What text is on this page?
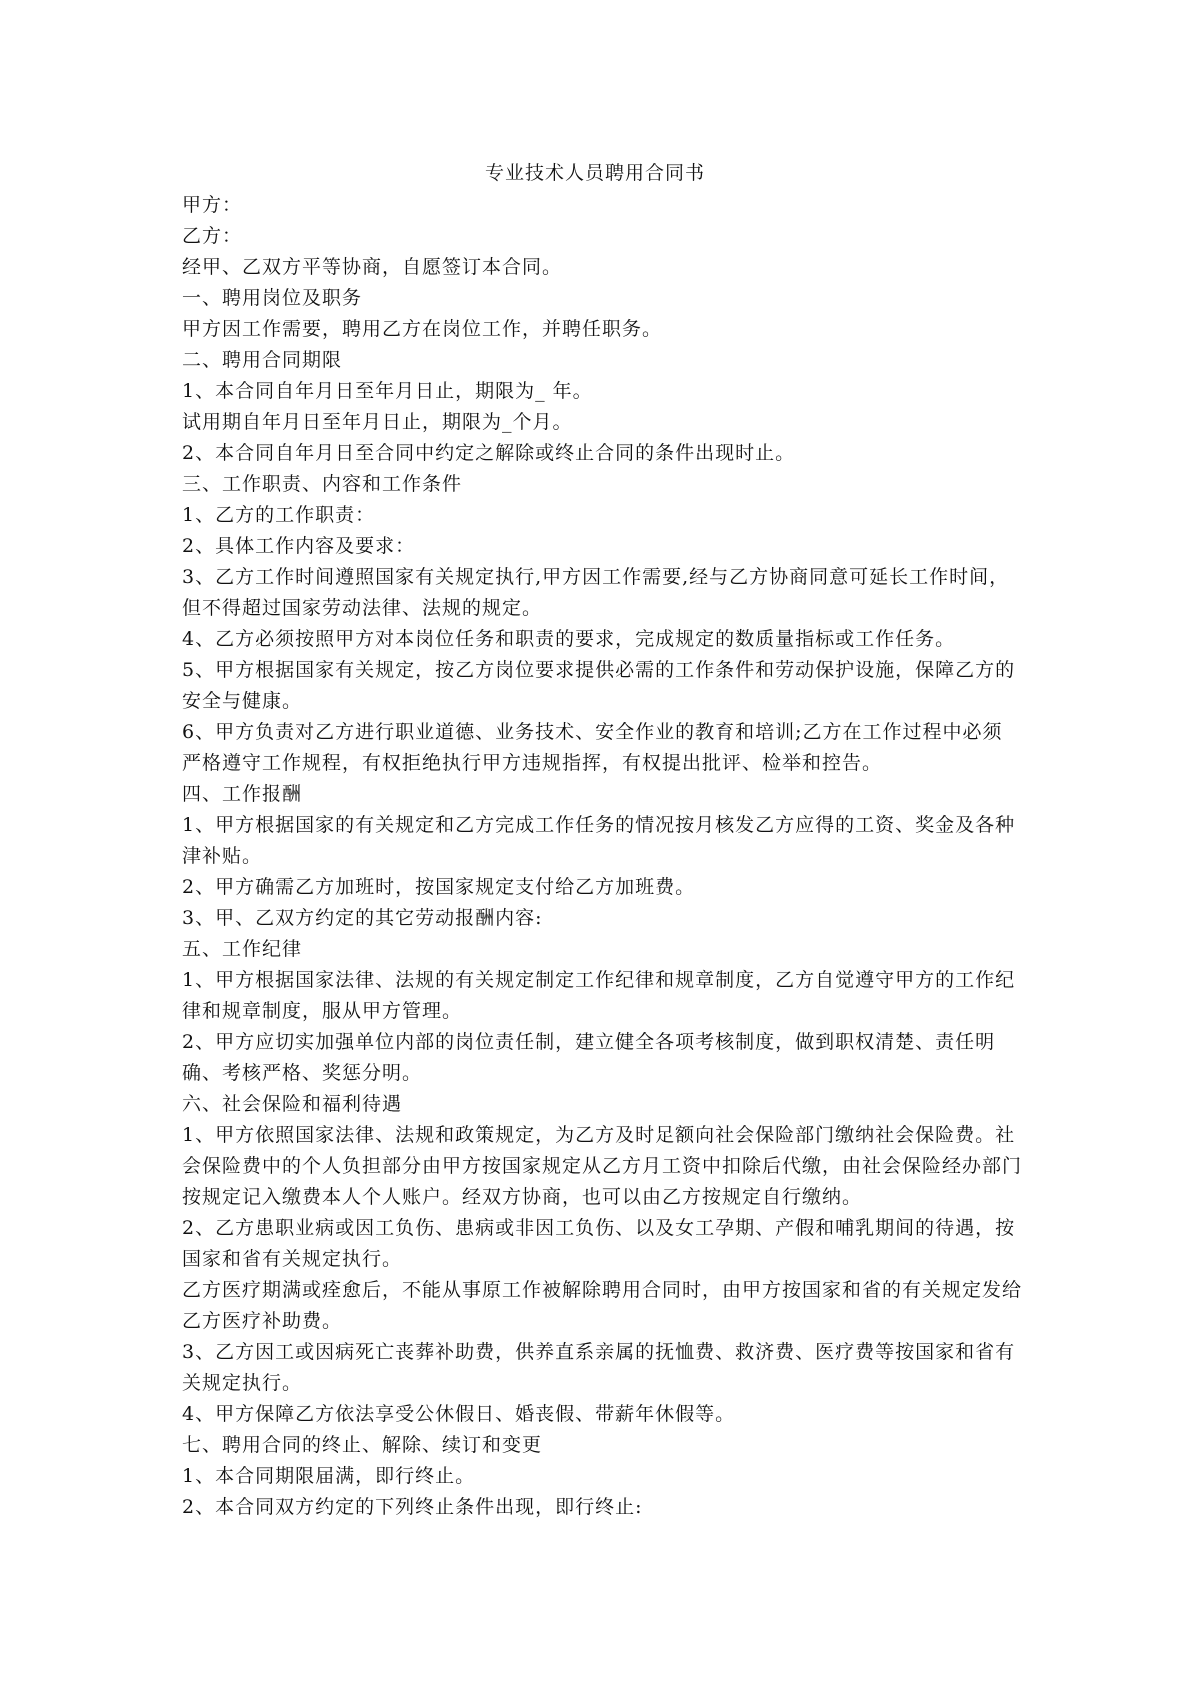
专业技术人员聘用合同书

甲方：

乙方：

经甲、乙双方平等协商，自愿签订本合同。

一、聘用岗位及职务

甲方因工作需要，聘用乙方在岗位工作，并聘任职务。

二、聘用合同期限

1、本合同自年月日至年月日止，期限为_ 年。

试用期自年月日至年月日止，期限为_个月。

2、本合同自年月日至合同中约定之解除或终止合同的条件出现时止。

三、工作职责、内容和工作条件

1、乙方的工作职责：

2、具体工作内容及要求：

3、乙方工作时间遵照国家有关规定执行,甲方因工作需要,经与乙方协商同意可延长工作时间，但不得超过国家劳动法律、法规的规定。

4、乙方必须按照甲方对本岗位任务和职责的要求，完成规定的数质量指标或工作任务。

5、甲方根据国家有关规定，按乙方岗位要求提供必需的工作条件和劳动保护设施，保障乙方的安全与健康。

6、甲方负责对乙方进行职业道德、业务技术、安全作业的教育和培训;乙方在工作过程中必须严格遵守工作规程，有权拒绝执行甲方违规指挥，有权提出批评、检举和控告。

四、工作报酬

1、甲方根据国家的有关规定和乙方完成工作任务的情况按月核发乙方应得的工资、奖金及各种津补贴。

2、甲方确需乙方加班时，按国家规定支付给乙方加班费。

3、甲、乙双方约定的其它劳动报酬内容:

五、工作纪律

1、甲方根据国家法律、法规的有关规定制定工作纪律和规章制度，乙方自觉遵守甲方的工作纪律和规章制度，服从甲方管理。

2、甲方应切实加强单位内部的岗位责任制，建立健全各项考核制度，做到职权清楚、责任明确、考核严格、奖惩分明。

六、社会保险和福利待遇

1、甲方依照国家法律、法规和政策规定，为乙方及时足额向社会保险部门缴纳社会保险费。社会保险费中的个人负担部分由甲方按国家规定从乙方月工资中扣除后代缴，由社会保险经办部门按规定记入缴费本人个人账户。经双方协商，也可以由乙方按规定自行缴纳。

2、乙方患职业病或因工负伤、患病或非因工负伤、以及女工孕期、产假和哺乳期间的待遇，按国家和省有关规定执行。

乙方医疗期满或痊愈后，不能从事原工作被解除聘用合同时，由甲方按国家和省的有关规定发给乙方医疗补助费。

3、乙方因工或因病死亡丧葬补助费，供养直系亲属的抚恤费、救济费、医疗费等按国家和省有关规定执行。

4、甲方保障乙方依法享受公休假日、婚丧假、带薪年休假等。

七、聘用合同的终止、解除、续订和变更

1、本合同期限届满，即行终止。

2、本合同双方约定的下列终止条件出现，即行终止:
